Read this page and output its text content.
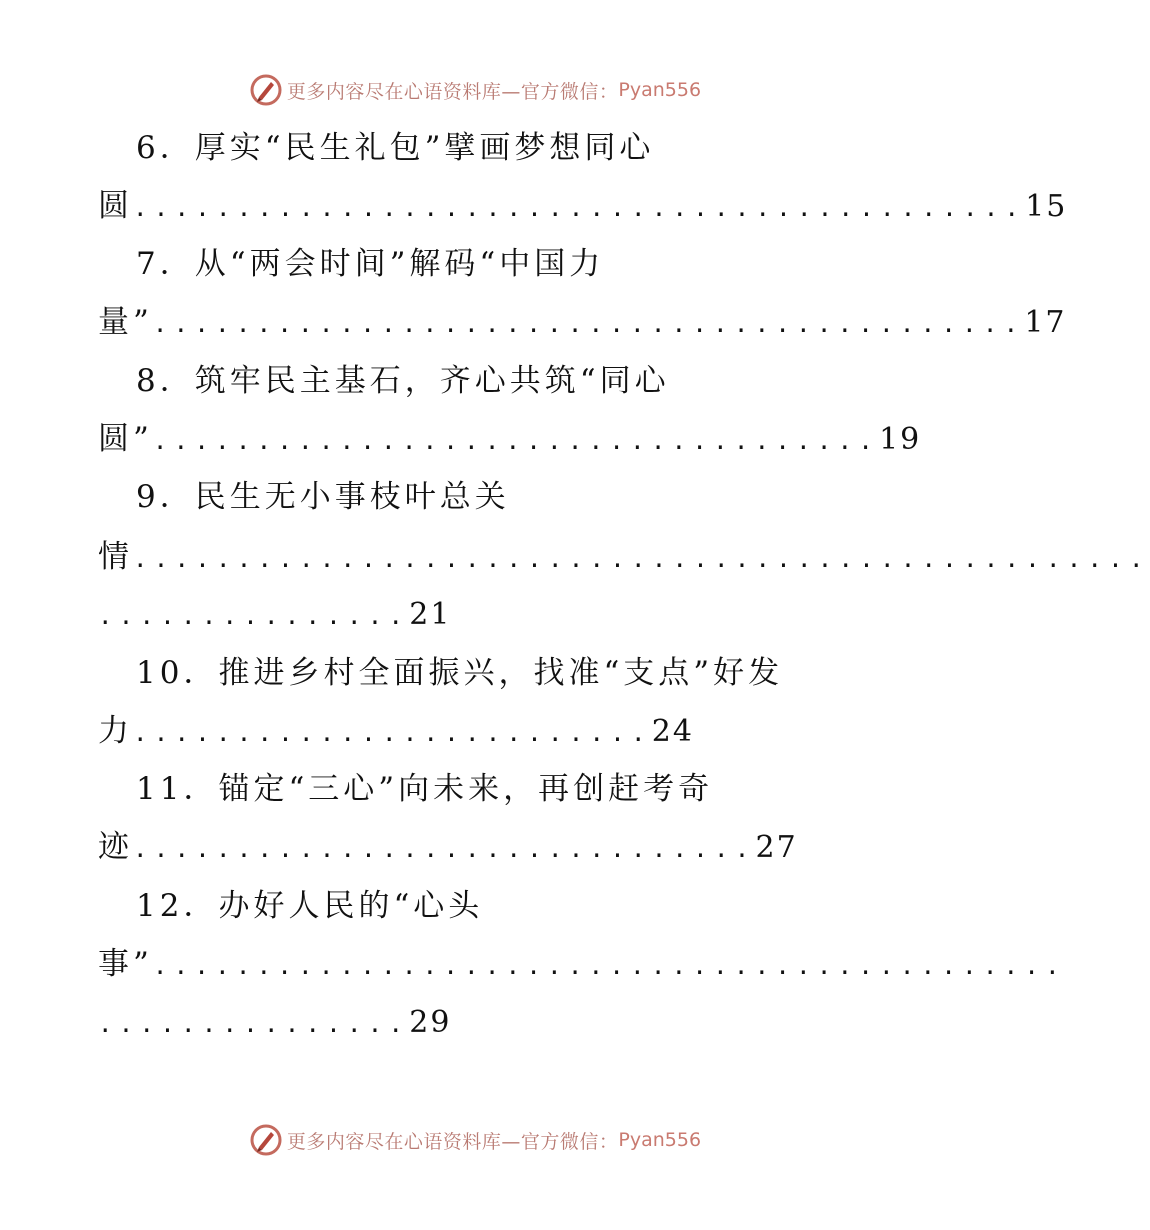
更多内容尽在心语资料库—官方微信： Pyan556
6．厚实“民生礼包”擘画梦想同心
圆...........................................15
7．从“两会时间”解码“中国力
量”..........................................17
8．筑牢民主基石，齐心共筑“同心
圆”...................................19
9．民生无小事枝叶总关
情.................................................
...............21
10．推进乡村全面振兴，找准“支点”好发
力.........................24
11．锚定“三心”向未来，再创赶考奇
迹..............................27
12．办好人民的“心头
事”............................................
...............29
更多内容尽在心语资料库—官方微信： Pyan556
